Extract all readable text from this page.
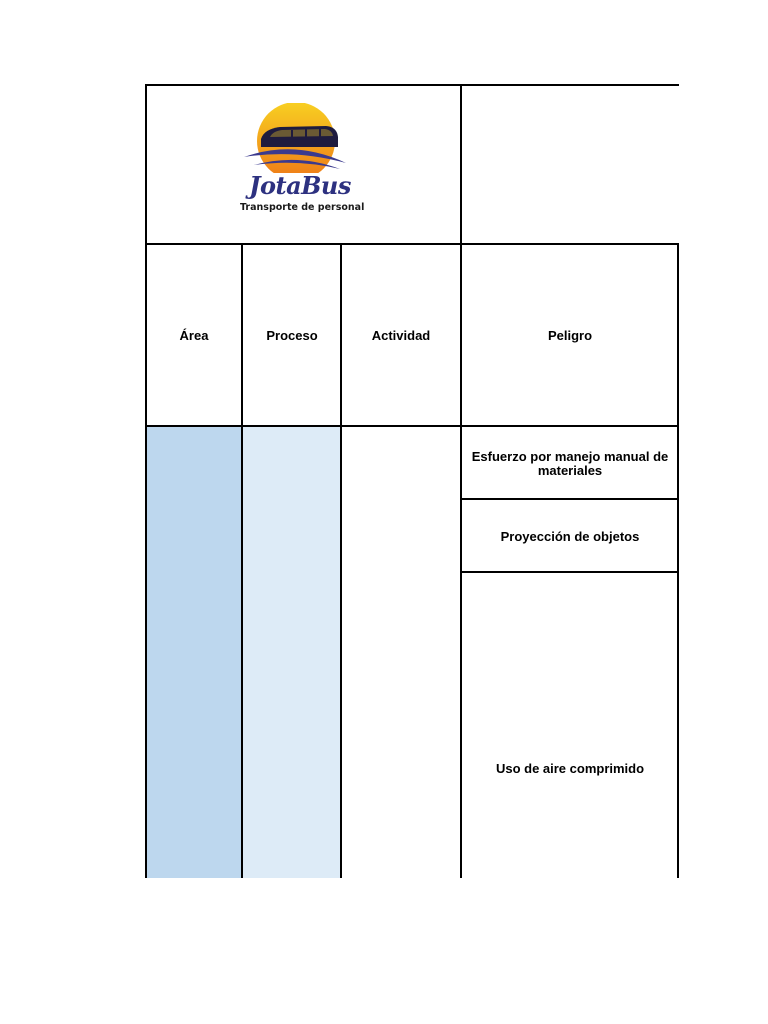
JotaBus
Transporte de personal
Área	Proceso	Actividad	Peligro
Esfuerzo por manejo manual de materiales
Proyección de objetos
Uso de aire comprimido
